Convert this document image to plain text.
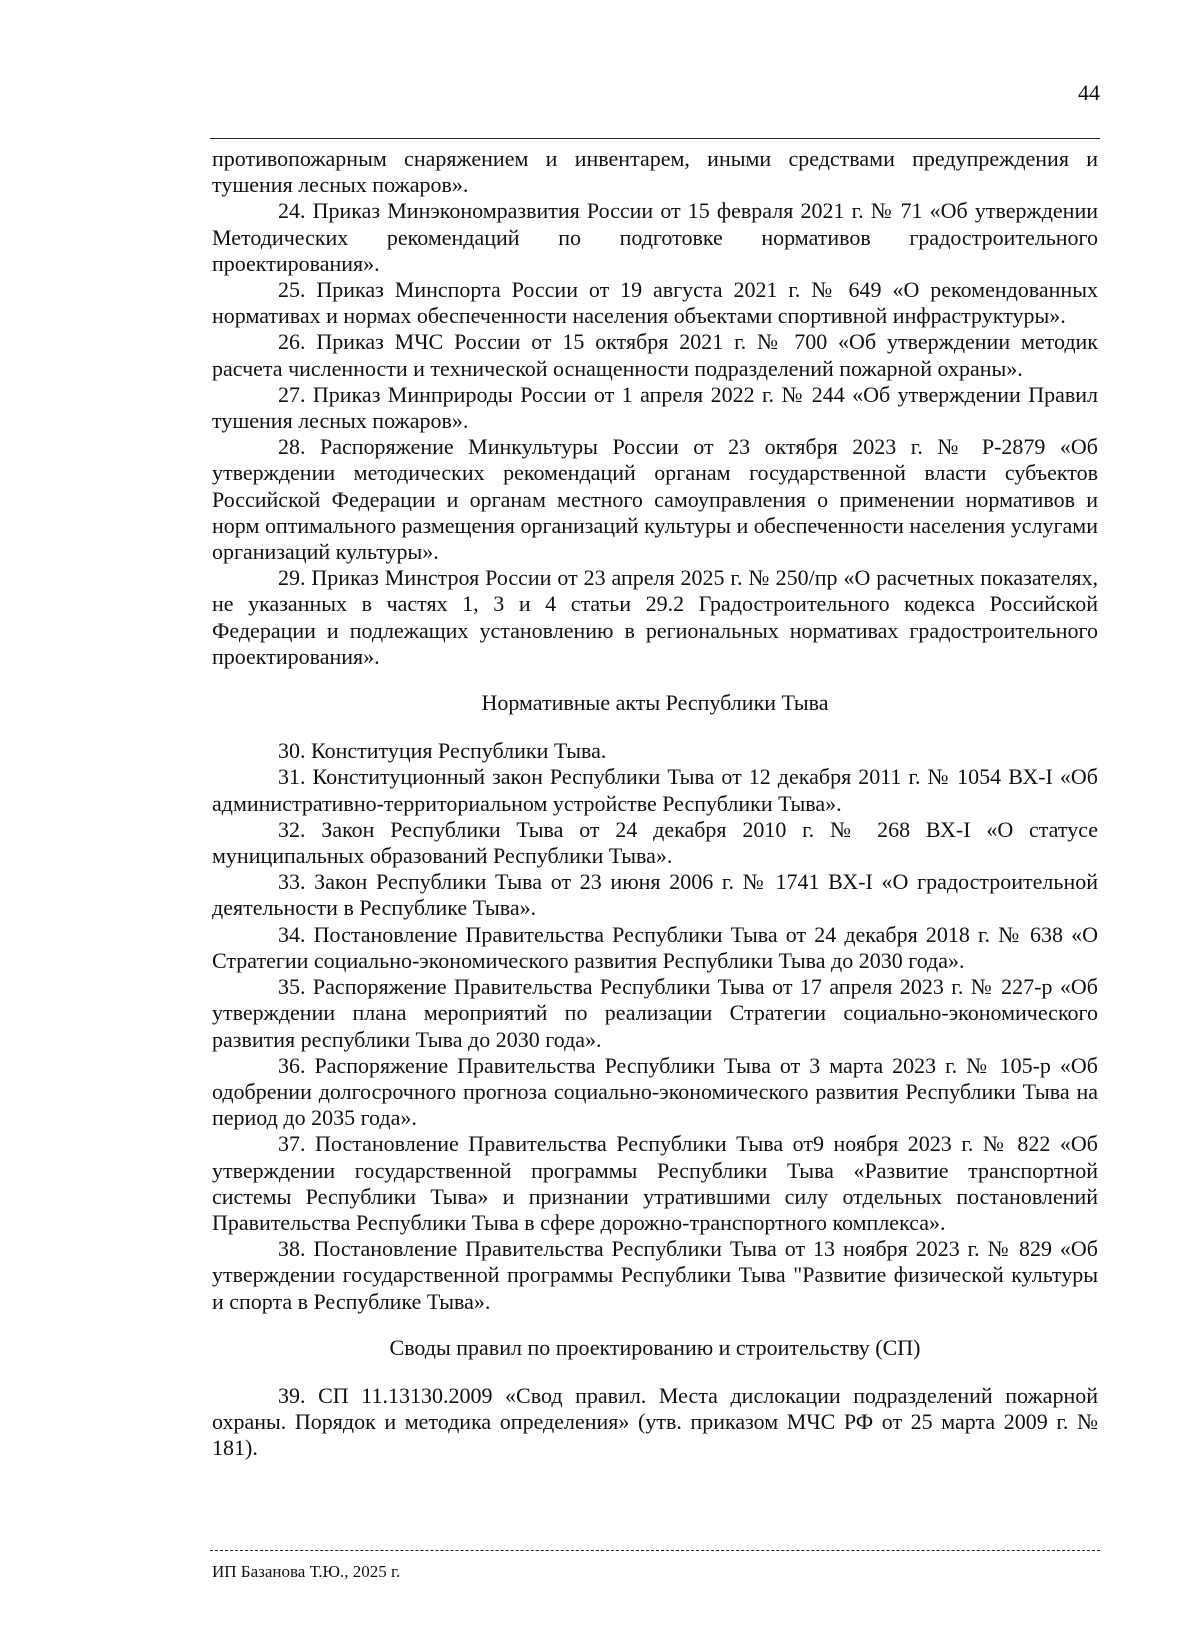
44

противопожарным снаряжением и инвентарем, иными средствами предупреждения и тушения лесных пожаров».

24. Приказ Минэкономразвития России от 15 февраля 2021 г. № 71 «Об утверждении Методических рекомендаций по подготовке нормативов градостроительного проектирования».

25. Приказ Минспорта России от 19 августа 2021 г. № 649 «О рекомендованных нормативах и нормах обеспеченности населения объектами спортивной инфраструктуры».

26. Приказ МЧС России от 15 октября 2021 г. № 700 «Об утверждении методик расчета численности и технической оснащенности подразделений пожарной охраны».

27. Приказ Минприроды России от 1 апреля 2022 г. № 244 «Об утверждении Правил тушения лесных пожаров».

28. Распоряжение Минкультуры России от 23 октября 2023 г. № Р-2879 «Об утверждении методических рекомендаций органам государственной власти субъектов Российской Федерации и органам местного самоуправления о применении нормативов и норм оптимального размещения организаций культуры и обеспеченности населения услугами организаций культуры».

29. Приказ Минстроя России от 23 апреля 2025 г. № 250/пр «О расчетных показателях, не указанных в частях 1, 3 и 4 статьи 29.2 Градостроительного кодекса Российской Федерации и подлежащих установлению в региональных нормативах градостроительного проектирования».

Нормативные акты Республики Тыва

30. Конституция Республики Тыва.

31. Конституционный закон Республики Тыва от 12 декабря 2011 г. № 1054 ВХ-I «Об административно-территориальном устройстве Республики Тыва».

32. Закон Республики Тыва от 24 декабря 2010 г. № 268 ВХ-I «О статусе муниципальных образований Республики Тыва».

33. Закон Республики Тыва от 23 июня 2006 г. № 1741 ВХ-I «О градостроительной деятельности в Республике Тыва».

34. Постановление Правительства Республики Тыва от 24 декабря 2018 г. № 638 «О Стратегии социально-экономического развития Республики Тыва до 2030 года».

35. Распоряжение Правительства Республики Тыва от 17 апреля 2023 г. № 227-р «Об утверждении плана мероприятий по реализации Стратегии социально-экономического развития республики Тыва до 2030 года».

36. Распоряжение Правительства Республики Тыва от 3 марта 2023 г. № 105-р «Об одобрении долгосрочного прогноза социально-экономического развития Республики Тыва на период до 2035 года».

37. Постановление Правительства Республики Тыва от9 ноября 2023 г. № 822 «Об утверждении государственной программы Республики Тыва «Развитие транспортной системы Республики Тыва» и признании утратившими силу отдельных постановлений Правительства Республики Тыва в сфере дорожно-транспортного комплекса».

38. Постановление Правительства Республики Тыва от 13 ноября 2023 г. № 829 «Об утверждении государственной программы Республики Тыва "Развитие физической культуры и спорта в Республике Тыва».

Своды правил по проектированию и строительству (СП)

39. СП 11.13130.2009 «Свод правил. Места дислокации подразделений пожарной охраны. Порядок и методика определения» (утв. приказом МЧС РФ от 25 марта 2009 г. № 181).

ИП Базанова Т.Ю., 2025 г.
